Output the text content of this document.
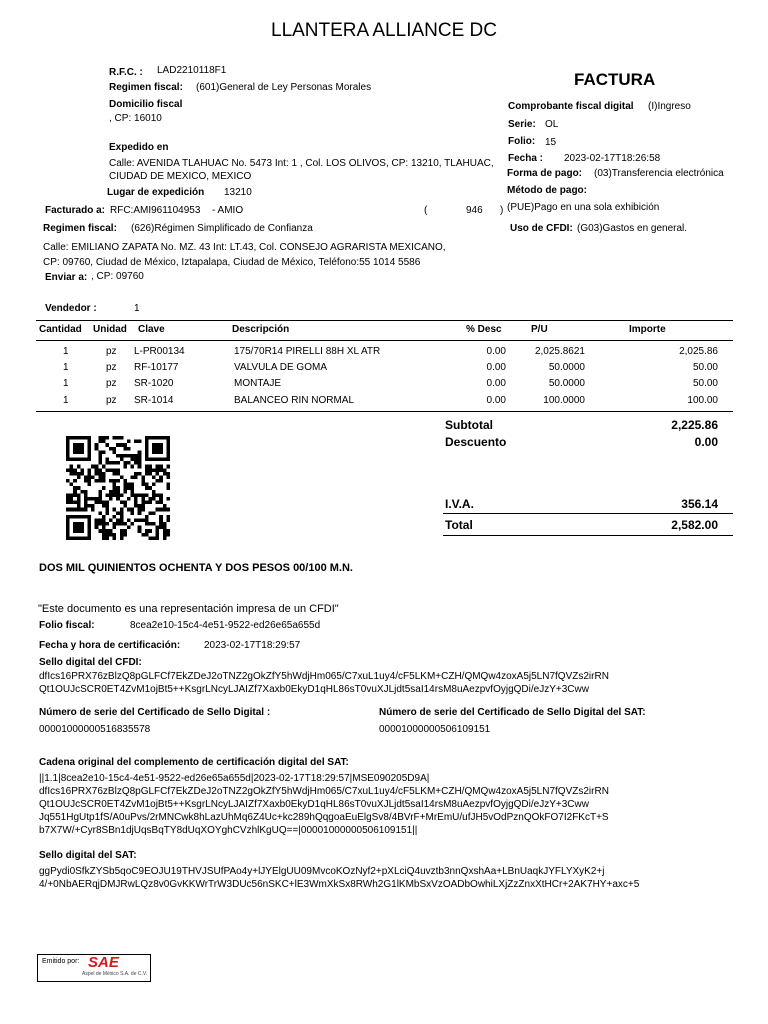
LLANTERA ALLIANCE DC
FACTURA
R.F.C. : LAD2210118F1
Regimen fiscal: (601)General de Ley Personas Morales
Domicilio fiscal
, CP: 16010
Expedido en
Calle: AVENIDA TLAHUAC No. 5473 Int: 1 , Col. LOS OLIVOS, CP: 13210, TLAHUAC,
CIUDAD DE MEXICO, MEXICO
Lugar de expedición 13210
Comprobante fiscal digital (I)Ingreso
Serie: OL
Folio: 15
Fecha : 2023-02-17T18:26:58
Forma de pago: (03)Transferencia electrónica
Método de pago:
(PUE)Pago en una sola exhibición
Uso de CFDI: (G03)Gastos en general.
Facturado a: RFC:AMI961104953 - AMIO	(	946 )
Regimen fiscal: (626)Régimen Simplificado de Confianza
Calle: EMILIANO ZAPATA No. MZ. 43 Int: LT.43, Col. CONSEJO AGRARISTA MEXICANO,
CP: 09760, Ciudad de México, Iztapalapa, Ciudad de México, Teléfono:55 1014 5586
Enviar a: , CP: 09760
Vendedor :	1
Cantidad Unidad Clave	Descripción	% Desc	P/U	Importe
1	pz L-PR00134	175/70R14 PIRELLI 88H XL ATR	0.00	2,025.8621	2,025.86
1	pz RF-10177	VALVULA DE GOMA	0.00	50.0000	50.00
1	pz SR-1020	MONTAJE	0.00	50.0000	50.00
1	pz SR-1014	BALANCEO RIN NORMAL	0.00	100.0000	100.00
Subtotal	2,225.86
Descuento	0.00
I.V.A.	356.14
Total	2,582.00
DOS MIL QUINIENTOS OCHENTA Y DOS PESOS 00/100 M.N.
"Este documento es una representación impresa de un CFDI"
Folio fiscal:	8cea2e10-15c4-4e51-9522-ed26e65a655d
Fecha y hora de certificación: 2023-02-17T18:29:57
Sello digital del CFDI:
dfIcs16PRX76zBlzQ8pGLFCf7EkZDeJ2oTNZ2gOkZfY5hWdjHm065/C7xuL1uy4/cF5LKM+CZH/QMQw4zoxA5j5LN7fQVZs2irRN
Qt1OUJcSCR0ET4ZvM1ojBt5++KsgrLNcyLJAIZf7Xaxb0EkyD1qHL86sT0vuXJLjdt5saI14rsM8uAezpvfOyjgQDi/eJzY+3Cww
Número de serie del Certificado de Sello Digital :
00001000000516835578
Número de serie del Certificado de Sello Digital del SAT:
00001000000506109151
Cadena original del complemento de certificación digital del SAT:
||1.1|8cea2e10-15c4-4e51-9522-ed26e65a655d|2023-02-17T18:29:57|MSE090205D9A|
dfIcs16PRX76zBlzQ8pGLFCf7EkZDeJ2oTNZ2gOkZfY5hWdjHm065/C7xuL1uy4/cF5LKM+CZH/QMQw4zoxA5j5LN7fQVZs2irRN
Qt1OUJcSCR0ET4ZvM1ojBt5++KsgrLNcyLJAIZf7Xaxb0EkyD1qHL86sT0vuXJLjdt5saI14rsM8uAezpvfOyjgQDi/eJzY+3Cww
Jq551HgUtp1fS/A0uPvs/2rMNCwk8hLazUhMq6Z4Uc+kc289hQqgoaEuElgSv8/4BVrF+MrEmU/ufJH5vOdPznQOkFO7I2FKcT+S
b7X7W/+Cyr8SBn1djUqsBqTY8dUqXOYghCVzhlKgUQ==|00001000000506109151||
Sello digital del SAT:
ggPydi0SfkZYSb5qoC9EOJU19THVJSUfPAo4y+lJYElgUU09MvcoKOzNyf2+pXLciQ4uvztb3nnQxshAa+LBnUaqkJYFLYXyK2+j
4/+0NbAERqjDMJRwLQz8v0GvKKWrTrW3DUc56nSKC+lE3WmXkSx8RWh2G1lKMbSxVzOADbOwhiLXjZzZnxXtHCr+2AK7HY+axc+5
Emitido por: SAE
Aspel de México S.A. de C.V.
